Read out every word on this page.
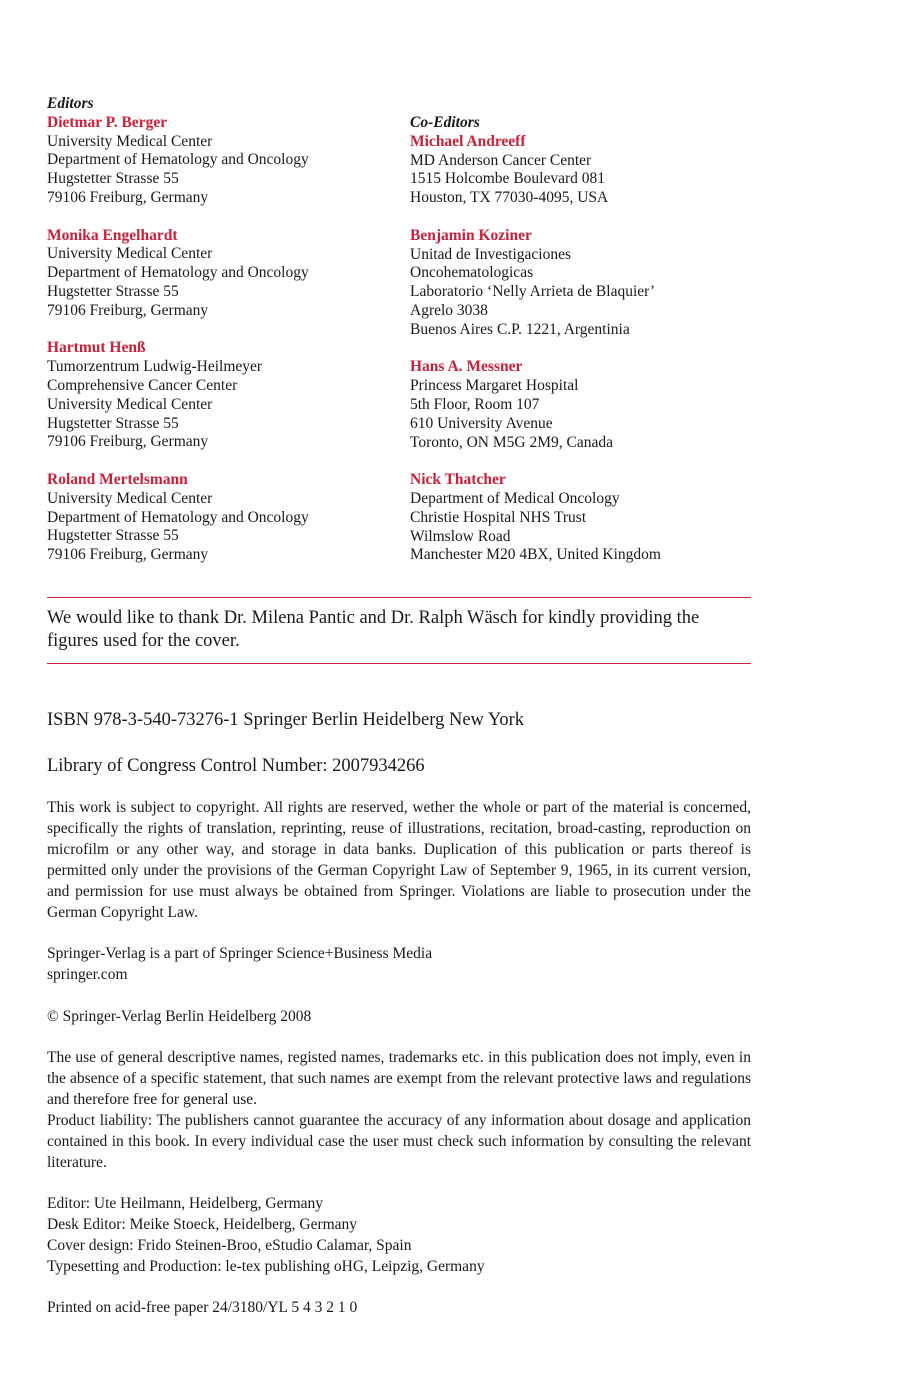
Editors
Dietmar P. Berger
University Medical Center
Department of Hematology and Oncology
Hugstetter Strasse 55
79106 Freiburg, Germany
Monika Engelhardt
University Medical Center
Department of Hematology and Oncology
Hugstetter Strasse 55
79106 Freiburg, Germany
Hartmut Henß
Tumorzentrum Ludwig-Heilmeyer
Comprehensive Cancer Center
University Medical Center
Hugstetter Strasse 55
79106 Freiburg, Germany
Roland Mertelsmann
University Medical Center
Department of Hematology and Oncology
Hugstetter Strasse 55
79106 Freiburg, Germany
Co-Editors
Michael Andreeff
MD Anderson Cancer Center
1515 Holcombe Boulevard 081
Houston, TX 77030-4095, USA
Benjamin Koziner
Unitad de Investigaciones
Oncohematologicas
Laboratorio ‘Nelly Arrieta de Blaquier’
Agrelo 3038
Buenos Aires C.P. 1221, Argentinia
Hans A. Messner
Princess Margaret Hospital
5th Floor, Room 107
610 University Avenue
Toronto, ON M5G 2M9, Canada
Nick Thatcher
Department of Medical Oncology
Christie Hospital NHS Trust
Wilmslow Road
Manchester M20 4BX, United Kingdom
We would like to thank Dr. Milena Pantic and Dr. Ralph Wäsch for kindly providing the figures used for the cover.
ISBN 978-3-540-73276-1 Springer Berlin Heidelberg New York
Library of Congress Control Number: 2007934266
This work is subject to copyright. All rights are reserved, wether the whole or part of the material is concerned, specifically the rights of translation, reprinting, reuse of illustrations, recitation, broad-casting, reproduction on microfilm or any other way, and storage in data banks. Duplication of this publication or parts thereof is permitted only under the provisions of the German Copyright Law of September 9, 1965, in its current version, and permission for use must always be obtained from Springer. Violations are liable to prosecution under the German Copyright Law.
Springer-Verlag is a part of Springer Science+Business Media
springer.com
© Springer-Verlag Berlin Heidelberg 2008
The use of general descriptive names, registed names, trademarks etc. in this publication does not imply, even in the absence of a specific statement, that such names are exempt from the relevant protective laws and regulations and therefore free for general use.
Product liability: The publishers cannot guarantee the accuracy of any information about dosage and application contained in this book. In every individual case the user must check such information by consulting the relevant literature.
Editor: Ute Heilmann, Heidelberg, Germany
Desk Editor: Meike Stoeck, Heidelberg, Germany
Cover design: Frido Steinen-Broo, eStudio Calamar, Spain
Typesetting and Production: le-tex publishing oHG, Leipzig, Germany
Printed on acid-free paper 24/3180/YL 5 4 3 2 1 0
